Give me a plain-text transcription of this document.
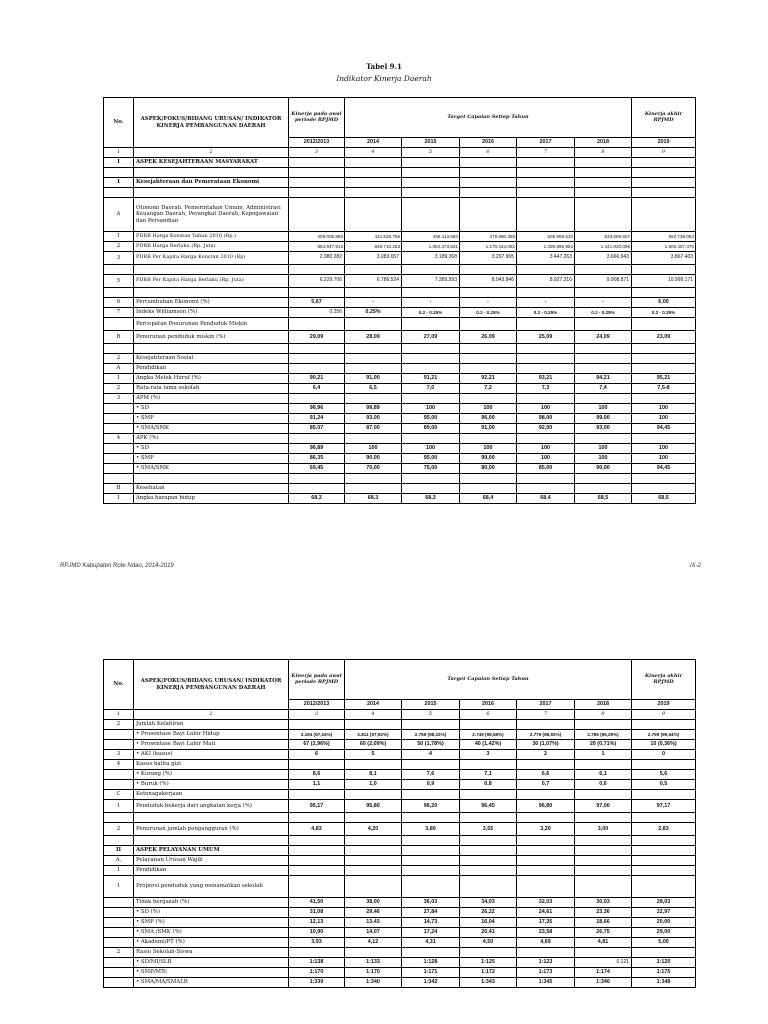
Tabel 9.1
Indikator Kinerja Daerah
No.	ASPEK/FOKUS/BIDANG URUSAN/ INDIKATOR KINERJA PEMBANGUNAN DAERAH	Kinerja pada awal periode RPJMD	Target Capaian Setiap Tahun					Kinerja akhir RPJMD
		2012/2013	2014	2015	2016	2017	2018	2019
1	2	3	4	5	6	7	8	9
I	ASPEK KESEJAHTERAAN MASYARAKAT							

1	Kesejahteraan dan Pemerataan Ekonomi							

A	Otonomi Daerah, Pemerintahan Umum, Administrasi Keuangan Daerah, Perangkat Daerah, Kepegawaian dan Persandian							
1	PDRB Harga Konstan Tahun 2010 (Rp.)	409.005.886	431.528.756	455.113.684	479.880.356	505.969.610	533.569.607	562.738.052
2	PDRB Harga Berlaku (Rp. Juta)	854.947.913	949.710.253	1.054.473.831	1.170.444.052	1.298.995.954	1.441.820.096	1.600.467.370
3	PDRB Per Kapita Harga Konstan 2010 (Rp)	2.980.282	3.083.657	3.189.368	3.297.965	3.447.263	3.666.943	3.867.403

5	PDRB Per Kapita Harga Berlaku (Rp. Juta)	6.229.706	6.786.524	7.389.593	8.043.846	8.927.316	9.908.871	10.999.171

6	Pertumbuhan Ekonomi (%)	5,67	-	-	-	-	-	6,00
7	Indeks Williamson (%)	0.256	0.25%	0.2 - 0.25%	0.2 - 0.25%	0.2 - 0.25%	0.2 - 0.25%	0.2 - 0.25%
	Percepatan Penurunan Penduduk Miskin							
B	Penurunan penduduk miskin (%)	29,09	28,09	27,09	26,09	25,09	24,09	23,09

2	Kesejahteraan Sosial							
A	Pendidikan							
1	Angka Melek Huruf (%)	90,21	91,00	91,21	92,21	93,21	94,21	95,21
2	Rata-rata lama sekolah	6,4	6,5	7,0	7,2	7,3	7,4	7,5-8
3	APM (%)							
	• SD	96,96	99,89	100	100	100	100	100
	• SMP	91,24	93,00	95,00	96,00	98,00	99,00	100
	• SMA/SMK	85.07	87.00	89,00	91,00	92,00	93,00	94,45
4	APK (%)							
	• SD	96,89	100	100	100	100	100	100
	• SMP	86,35	90,00	95,00	99,00	100	100	100
	• SMA/SMK	69,45	70,00	75,00	80,00	85,00	90,00	94,45

B	Kesehatan							
1	Angka harapan hidup	68,3	68,3	68,3	68,4	68,4	68,5	68,5
RPJMD Kabupaten Rote Ndao, 2014-2019	IX-2
No.	ASPEK/FOKUS/BIDANG URUSAN/ INDIKATOR KINERJA PEMBANGUNAN DAERAH	Kinerja pada awal periode RPJMD	Target Capaian Setiap Tahun					Kinerja akhir RPJMD
		2012/2013	2014	2015	2016	2017	2018	2019
1	2	3	4	5	6	7	8	9
2	Jumlah Kelahiran							
	• Prosentase Bayi Lahir Hidup	3.194 (97,04%)	2.811 (97,92%)	2.759 (98,22%)	2.749 (98,58%)	2.779 (98,93%)	2.789 (99,29%)	2.799 (99,64%)
	• Prosentase Bayi Lahir Mati	67 (2,96%)	60 (2,09%)	50 (1,78%)	40 (1,42%)	30 (1,07%)	20 (0,71%)	10 (0,36%)
3	• AKI (kasus)	6	5	4	3	2	1	0
4	Kasus balita gizi							
	• Kurang (%)	8,6	8,1	7,6	7,1	6,6	6,1	5,6
	• Buruk (%)	1,1	1,0	0,9	0,8	0,7	0,6	0,5
C	Ketenagakerjaan							
1	Penduduk bekerja dari angkatan kerja (%)	95,17	95,80	96,20	96,45	96,80	97,00	97,17

2	Penurunan jumlah pengangguran (%)	4,83	4,20	3,80	3,55	3,20	3,00	2,83

II	ASPEK PELAYANAN UMUM							
A.	Pelayanan Urusan Wajib							
1	Pendidikan							
1	Proporsi penduduk yang menamatkan sekolah							
	Tidak berijazah (%)	41,50	38,00	36,03	34,03	32,03	30,03	28,03
	• SD (%)	31,08	29,46	27,84	26,22	24,61	23,36	22,97
	• SMP (%)	12,13	13,43	14,73	16,04	17,35	18,66	20,00
	• SMA /SMK (%)	10,90	14,07	17,24	20,41	23,58	26,75	29,00
	• Akademi/PT (%)	3,93	4,12	4,31	4,50	4,69	4,81	5,00
2	Rasio Sekolah-Siswa							
	• SD/MI/SLB	1:138	1:133	1:128	1:125	1:123	0.121	1:120
	• SMP/MTc	1:170	1:170	1:171	1:172	1:173	1:174	1:175
	• SMA/MA/SMALB	1:339	1:340	1:342	1:343	1:345	1:346	1:348
